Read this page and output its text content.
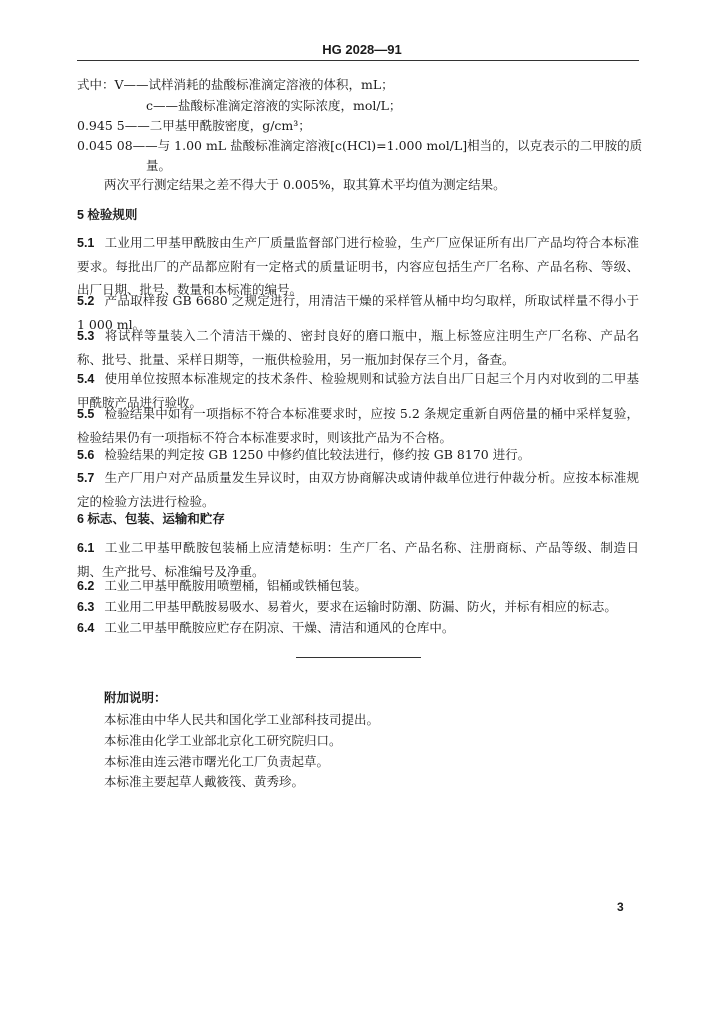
HG 2028—91
式中：V——试样消耗的盐酸标准滴定溶液的体积，mL；
c——盐酸标准滴定溶液的实际浓度，mol/L；
0.945 5——二甲基甲酰胺密度，g/cm³；
0.045 08——与 1.00 mL 盐酸标准滴定溶液[c(HCl)=1.000 mol/L]相当的，以克表示的二甲胺的质
量。
两次平行测定结果之差不得大于 0.005%，取其算术平均值为测定结果。
5 检验规则
5.1 工业用二甲基甲酰胺由生产厂质量监督部门进行检验，生产厂应保证所有出厂产品均符合本标准要求。每批出厂的产品都应附有一定格式的质量证明书，内容应包括生产厂名称、产品名称、等级、出厂日期、批号、数量和本标准的编号。
5.2 产品取样按 GB 6680 之规定进行，用清洁干燥的采样管从桶中均匀取样，所取试样量不得小于 1 000 ml。
5.3 将试样等量装入二个清洁干燥的、密封良好的磨口瓶中，瓶上标签应注明生产厂名称、产品名称、批号、批量、采样日期等，一瓶供检验用，另一瓶加封保存三个月，备查。
5.4 使用单位按照本标准规定的技术条件、检验规则和试验方法自出厂日起三个月内对收到的二甲基甲酰胺产品进行验收。
5.5 检验结果中如有一项指标不符合本标准要求时，应按 5.2 条规定重新自两倍量的桶中采样复验，检验结果仍有一项指标不符合本标准要求时，则该批产品为不合格。
5.6 检验结果的判定按 GB 1250 中修约值比较法进行，修约按 GB 8170 进行。
5.7 生产厂用户对产品质量发生异议时，由双方协商解决或请仲裁单位进行仲裁分析。应按本标准规定的检验方法进行检验。
6 标志、包装、运输和贮存
6.1 工业二甲基甲酰胺包装桶上应清楚标明：生产厂名、产品名称、注册商标、产品等级、制造日期、生产批号、标准编号及净重。
6.2 工业二甲基甲酰胺用喷塑桶，铝桶或铁桶包装。
6.3 工业用二甲基甲酰胺易吸水、易着火，要求在运输时防潮、防漏、防火，并标有相应的标志。
6.4 工业二甲基甲酰胺应贮存在阴凉、干燥、清洁和通风的仓库中。
附加说明：
本标准由中华人民共和国化学工业部科技司提出。
本标准由化学工业部北京化工研究院归口。
本标准由连云港市曙光化工厂负责起草。
本标准主要起草人戴筱筏、黄秀珍。
3
